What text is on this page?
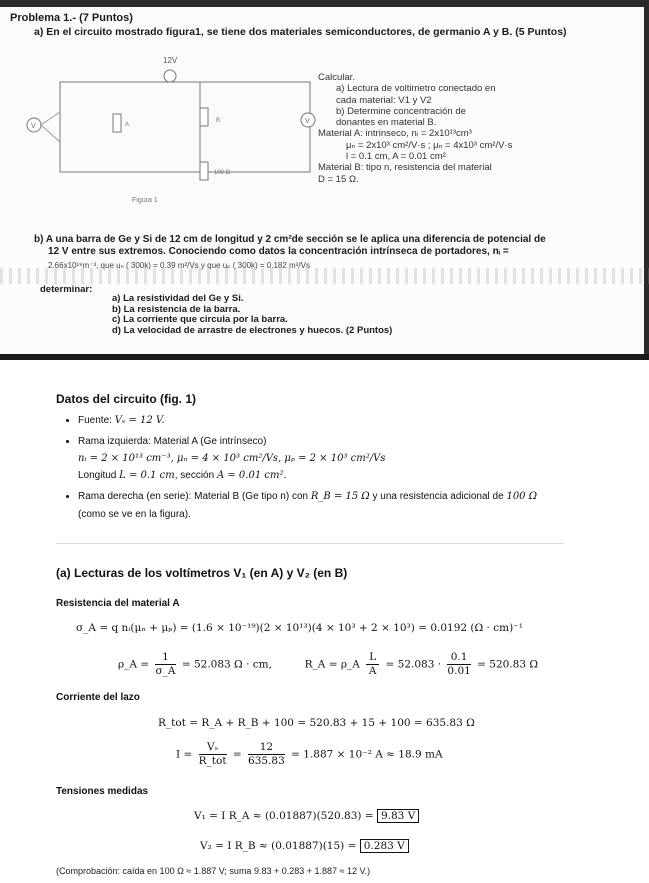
Problema 1.- (7 Puntos)
a) En el circuito mostrado figura1, se tiene dos materiales semiconductores, de germanio A y B. (5 Puntos)
12V
A
B
100 Ω
V
V
Figura 1
Calcular.
a) Lectura de voltimetro conectado en
cada material: V1 y V2
b) Determine concentración de
donantes en material B.
Material A: intrinseco, nᵢ = 2x10¹³cm³
μₙ = 2x10³ cm²/V·s ; μₙ = 4x10³ cm²/V·s
l = 0.1 cm, A = 0.01 cm²
Material B: tipo n, resistencia del material
D = 15 Ω.
b) A una barra de Ge y Si de 12 cm de longitud y 2 cm²de sección se le aplica una diferencia de potencial de
12 V entre sus extremos. Conociendo como datos la concentración intrínseca de portadores, nᵢ =
2.66x10¹⁹m⁻³, que uₙ ( 300k) = 0.39 m²/Vs y que uₚ ( 300k) = 0.182 m²/Vs
determinar:
a) La resistividad del Ge y Si.
b) La resistencia de la barra.
c) La corriente que circula por la barra.
d) La velocidad de arrastre de electrones y huecos. (2 Puntos)
Datos del circuito (fig. 1)
• Fuente: Vₛ = 12 V.
• Rama izquierda: Material A (Ge intrínseco)
nᵢ = 2 × 10¹³ cm⁻³, μₙ = 4 × 10³ cm²/Vs, μₚ = 2 × 10³ cm²/Vs
Longitud L = 0.1 cm, sección A = 0.01 cm².
• Rama derecha (en serie): Material B (Ge tipo n) con R_B = 15 Ω y una resistencia adicional de 100 Ω
(como se ve en la figura).
(a) Lecturas de los voltímetros V₁ (en A) y V₂ (en B)
Resistencia del material A
σ_A = q nᵢ(μₙ + μₚ) = (1.6 × 10⁻¹⁹)(2 × 10¹³)(4 × 10³ + 2 × 10³) = 0.0192 (Ω · cm)⁻¹
ρ_A = $\frac{1}{\sigma\_A} = 52.083$ Ω · cm,	R_A = ρ_A $\frac{L}{A} = 52.083 \cdot \frac{0.1}{0.01} = 520.83$ Ω
Corriente del lazo
R_tot = R_A + R_B + 100 = 520.83 + 15 + 100 = 635.83 Ω
$I = \frac{\text{Vₛ}}{\text{R\_tot}} = \frac{12}{635.83} = 1.887 \times 10^{-2}$ A ≈ 18.9 mA
Tensiones medidas
V₁ = I R_A ≈ (0.01887)(520.83) = 9.83 V
V₂ = I R_B ≈ (0.01887)(15) = 0.283 V
(Comprobación: caída en 100 Ω ≈ 1.887 V; suma 9.83 + 0.283 + 1.887 ≈ 12 V.)
